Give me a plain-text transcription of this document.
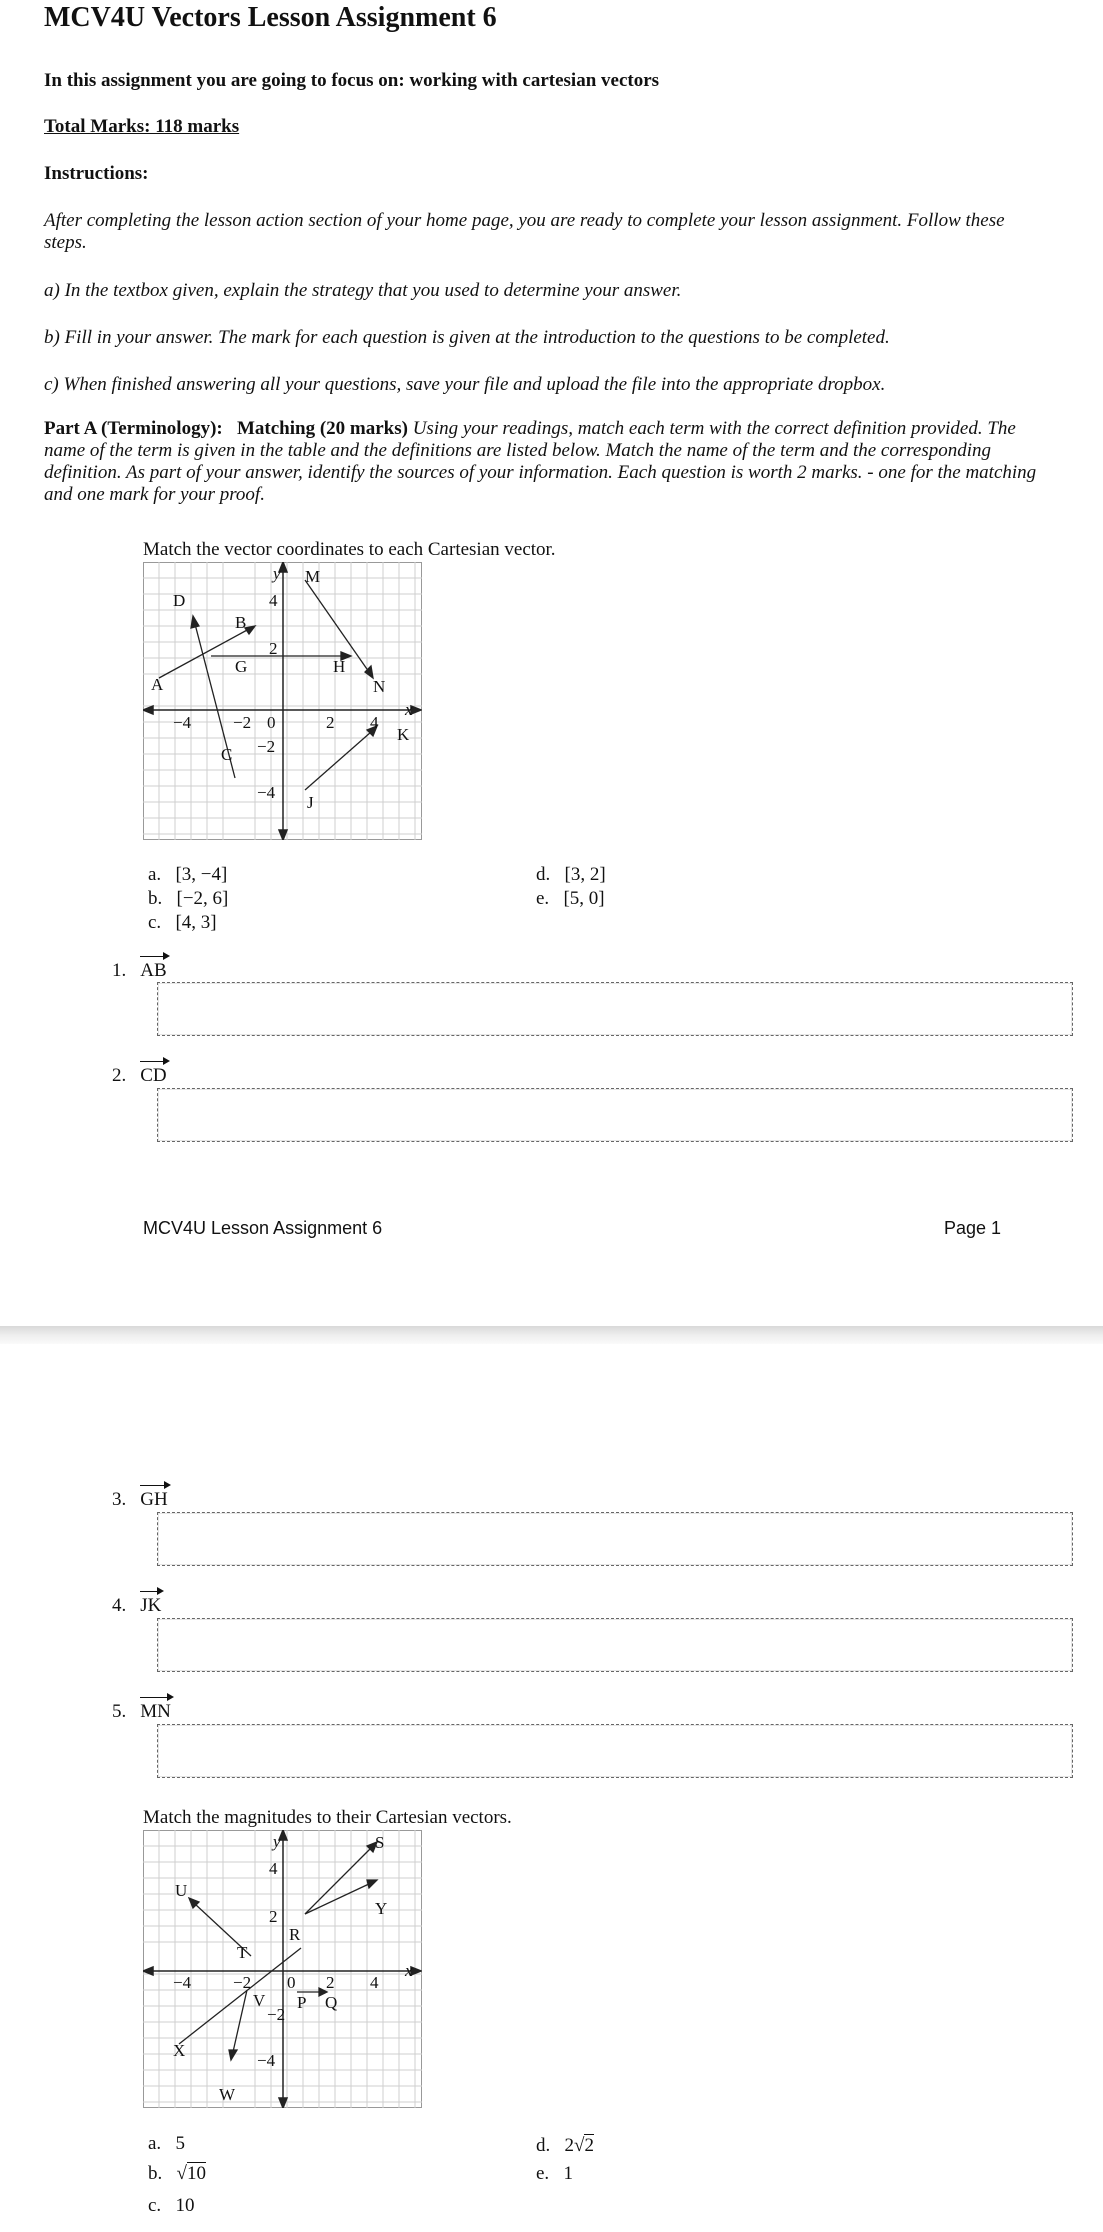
MCV4U Vectors Lesson Assignment 6
In this assignment you are going to focus on: working with cartesian vectors
Total Marks: 118 marks
Instructions:
After completing the lesson action section of your home page, you are ready to complete your lesson assignment. Follow these steps.
a) In the textbox given, explain the strategy that you used to determine your answer.
b) Fill in your answer. The mark for each question is given at the introduction to the questions to be completed.
c) When finished answering all your questions, save your file and upload the file into the appropriate dropbox.
Part A (Terminology): Matching (20 marks) Using your readings, match each term with the correct definition provided. The name of the term is given in the table and the definitions are listed below. Match the name of the term and the corresponding definition. As part of your answer, identify the sources of your information. Each question is worth 2 marks. - one for the matching and one mark for your proof.
Match the vector coordinates to each Cartesian vector.
y
x
A
B
C
D
G	H
J
K
M
N
4
2
0
−2
−4
−4 −2	2 4
a. [3, −4]
b. [−2, 6]
c. [4, 3]
d. [3, 2]
e. [5, 0]
1. AB
2. CD
MCV4U Lesson Assignment 6	Page 1
3. GH
4. JK
5. MN
Match the magnitudes to their Cartesian vectors.
y
x
S
U
Y
R
T
P Q
V
X
W
4
2
0
−2
−4
−4 −2	2 4
a. 5
b. √10
c. 10
d. 2√2
e. 1
